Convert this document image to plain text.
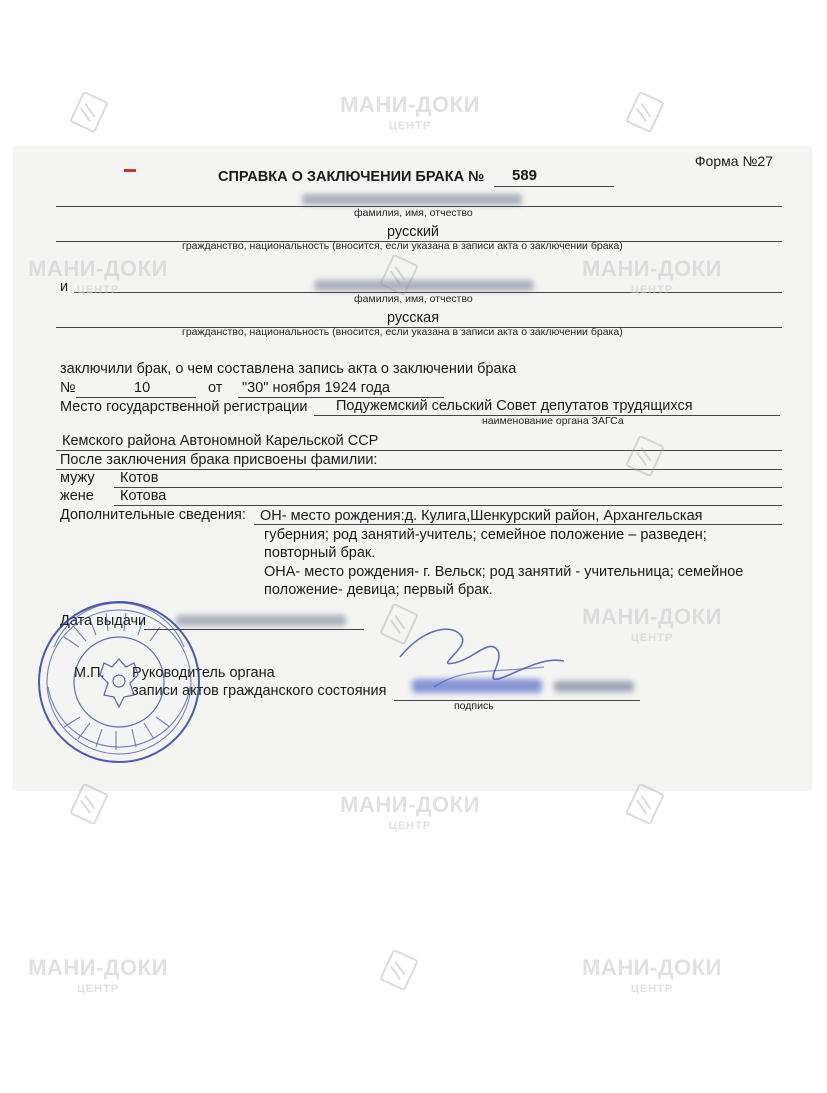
Форма №27
СПРАВКА О ЗАКЛЮЧЕНИИ БРАКА № 589
фамилия, имя, отчество
русский
гражданство, национальность (вносится, если указана в записи акта о заключении брака)
и
фамилия, имя, отчество
русская
гражданство, национальность (вносится, если указана в записи акта о заключении брака)
заключили брак, о чем составлена запись акта о заключении брака
№	10	от "30" ноября 1924 года
Место государственной регистрации Подужемский сельский Совет депутатов трудящихся
наименование органа ЗАГСа
Кемского района Автономной Карельской ССР
После заключения брака присвоены фамилии:
мужу Котов
жене Котова
Дополнительные сведения: ОН- место рождения:д. Кулига,Шенкурский район, Архангельская
губерния; род занятий-учитель; семейное положение – разведен;
повторный брак.
ОНА- место рождения- г. Вельск; род занятий - учительница; семейное
положение- девица; первый брак.
Дата выдачи
М.П. Руководитель органа
записи актов гражданского состояния
подпись
МАНИ-ДОКИ
ЦЕНТР
МАНИ-ДОКИ
ЦЕНТР
МАНИ-ДОКИ
ЦЕНТР
МАНИ-ДОКИ
ЦЕНТР
МАНИ-ДОКИ
ЦЕНТР
МАНИ-ДОКИ
ЦЕНТР
МАНИ-ДОКИ
ЦЕНТР
